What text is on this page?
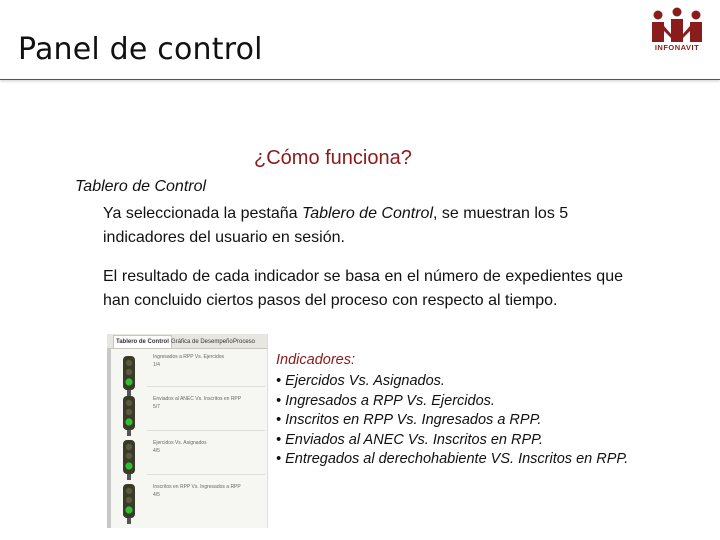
Panel de control	INFONAVIT
¿Cómo funciona?
Tablero de Control
Ya seleccionada la pestaña Tablero de Control, se muestran los 5 indicadores del usuario en sesión.
El resultado de cada indicador se basa en el número de expedientes que han concluido ciertos pasos del proceso con respecto al tiempo.
Tablero de Control Gráfica de Desempeño Proceso
Ingresados a RPP Vs. Ejercidos
1/4
Enviados al ANEC Vs. Inscritos en RPP
5/7
Ejercidos Vs. Asignados
4/5
Inscritos en RPP Vs. Ingresados a RPP
4/5
Indicadores:
• Ejercidos Vs. Asignados.
• Ingresados a RPP Vs. Ejercidos.
• Inscritos en RPP Vs. Ingresados a RPP.
• Enviados al ANEC Vs. Inscritos en RPP.
• Entregados al derechohabiente VS. Inscritos en RPP.
